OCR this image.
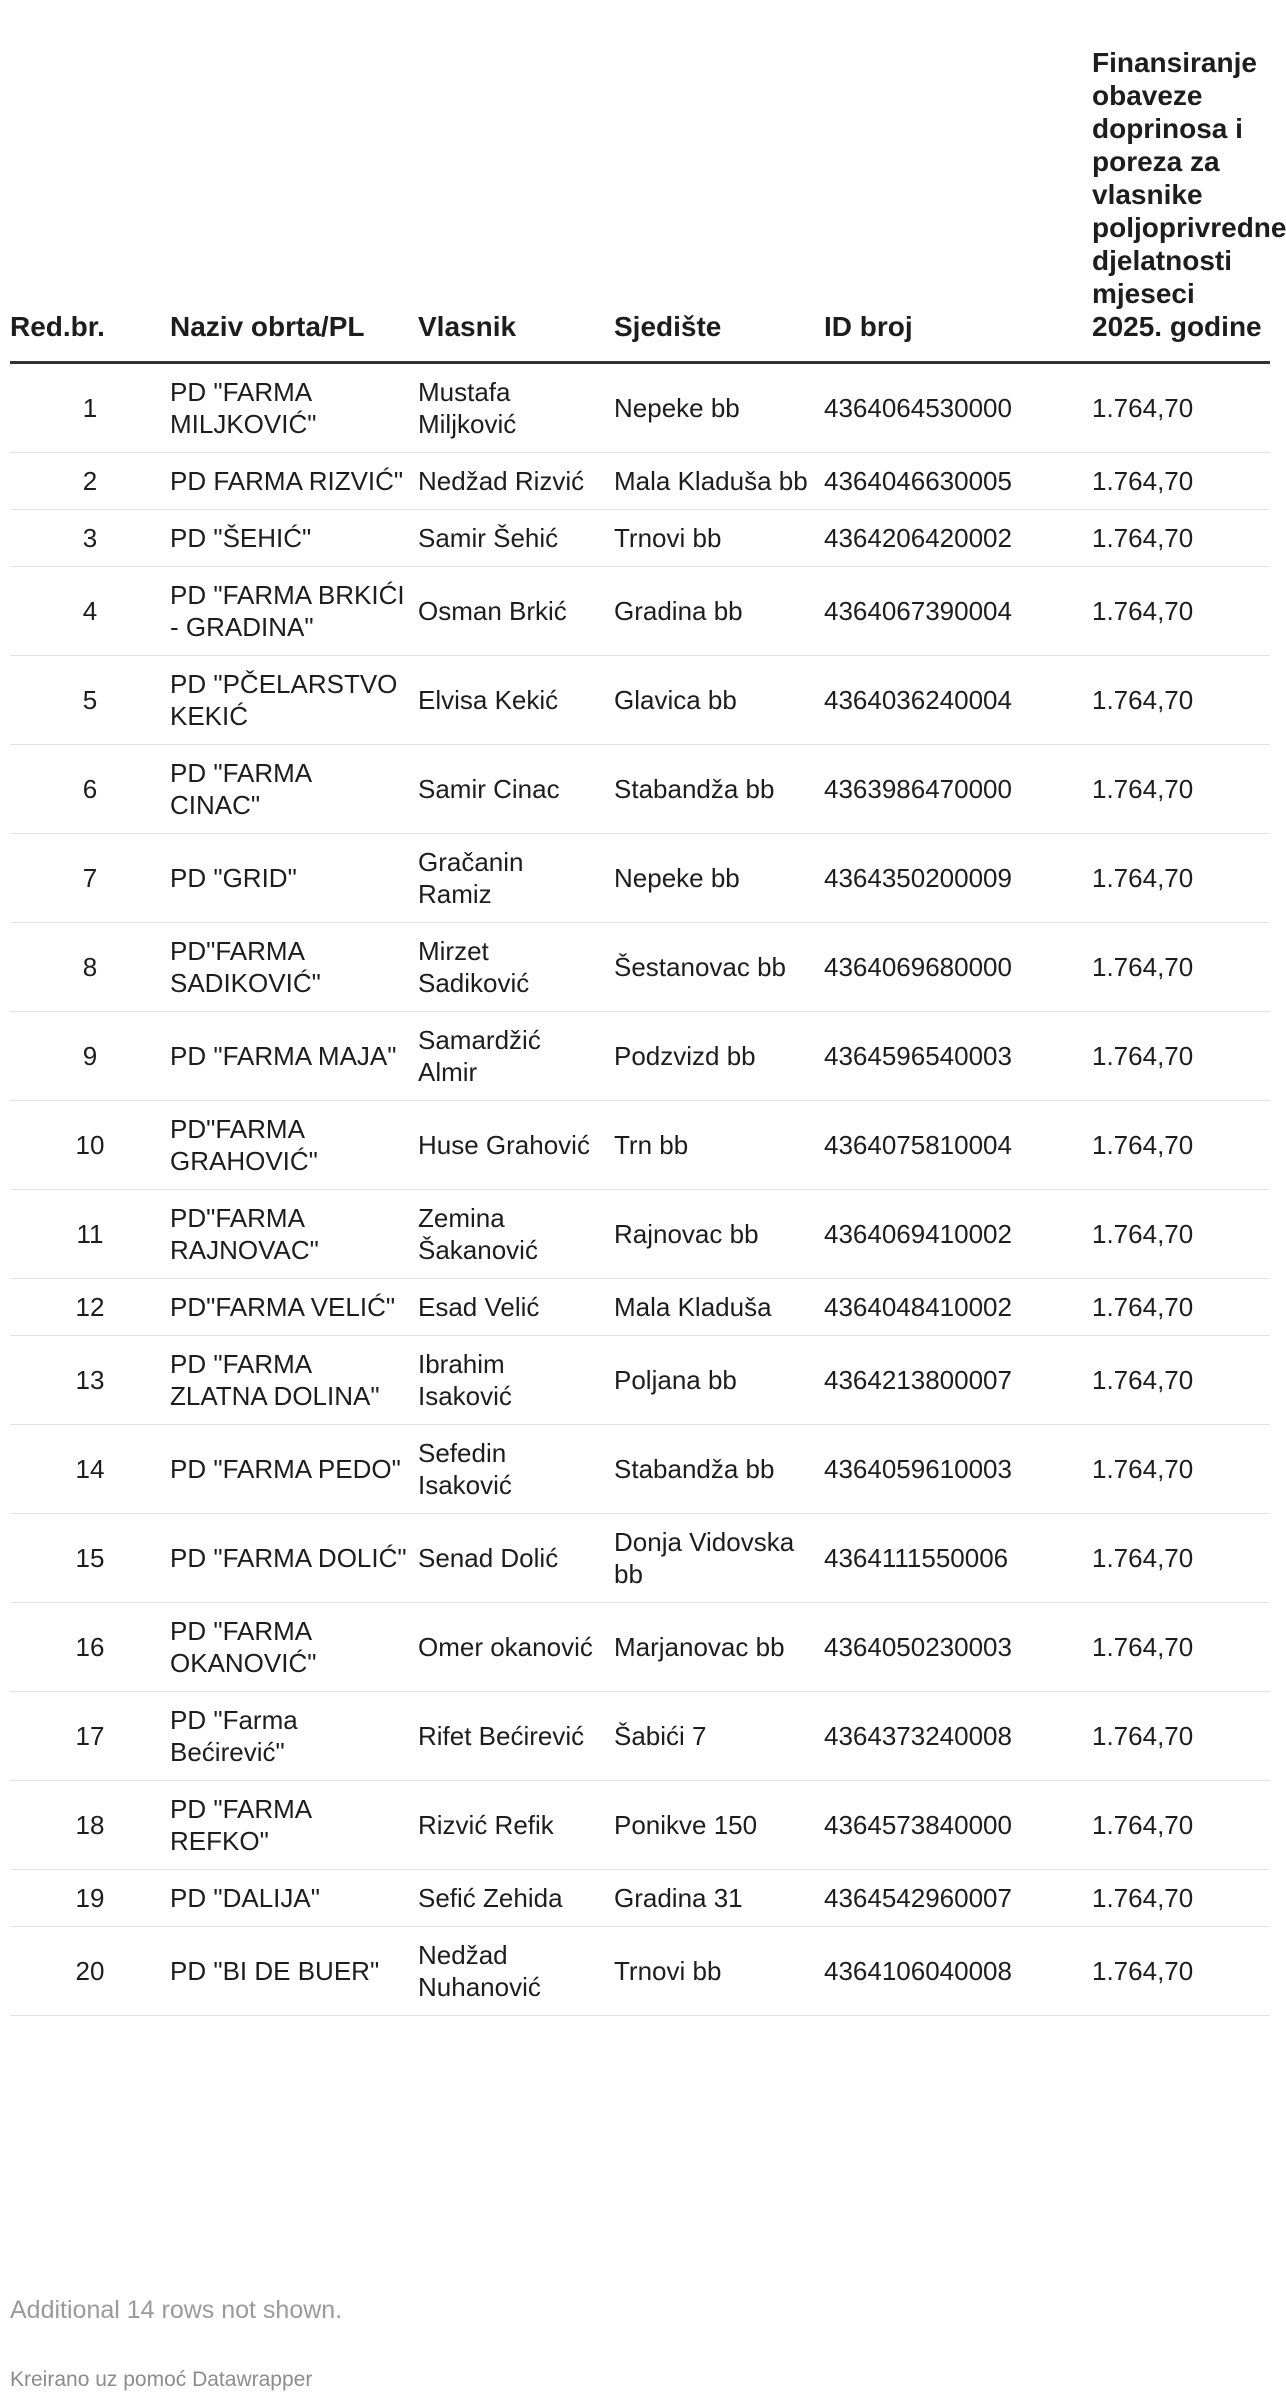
Red.br.	Naziv obrta/PL	Vlasnik	Sjedište	ID broj	Finansiranje obaveze doprinosa i poreza za vlasnike poljoprivredne djelatnosti mjeseci 2025. godine
1	PD "FARMA MILJKOVIĆ"	Mustafa Miljković	Nepeke bb	4364064530000	1.764,70
2	PD FARMA RIZVIĆ"	Nedžad Rizvić	Mala Kladuša bb	4364046630005	1.764,70
3	PD "ŠEHIĆ"	Samir Šehić	Trnovi bb	4364206420002	1.764,70
4	PD "FARMA BRKIĆI - GRADINA"	Osman Brkić	Gradina bb	4364067390004	1.764,70
5	PD "PČELARSTVO KEKIĆ	Elvisa Kekić	Glavica bb	4364036240004	1.764,70
6	PD "FARMA CINAC"	Samir Cinac	Stabandža bb	4363986470000	1.764,70
7	PD "GRID"	Gračanin Ramiz	Nepeke bb	4364350200009	1.764,70
8	PD"FARMA SADIKOVIĆ"	Mirzet Sadiković	Šestanovac bb	4364069680000	1.764,70
9	PD "FARMA MAJA"	Samardžić Almir	Podzvizd bb	4364596540003	1.764,70
10	PD"FARMA GRAHOVIĆ"	Huse Grahović	Trn bb	4364075810004	1.764,70
11	PD"FARMA RAJNOVAC"	Zemina Šakanović	Rajnovac bb	4364069410002	1.764,70
12	PD"FARMA VELIĆ"	Esad Velić	Mala Kladuša	4364048410002	1.764,70
13	PD "FARMA ZLATNA DOLINA"	Ibrahim Isaković	Poljana bb	4364213800007	1.764,70
14	PD "FARMA PEDO"	Sefedin Isaković	Stabandža bb	4364059610003	1.764,70
15	PD "FARMA DOLIĆ"	Senad Dolić	Donja Vidovska bb	4364111550006	1.764,70
16	PD "FARMA OKANOVIĆ"	Omer okanović	Marjanovac bb	4364050230003	1.764,70
17	PD "Farma Bećirević"	Rifet Bećirević	Šabići 7	4364373240008	1.764,70
18	PD "FARMA REFKO"	Rizvić Refik	Ponikve 150	4364573840000	1.764,70
19	PD "DALIJA"	Sefić Zehida	Gradina 31	4364542960007	1.764,70
20	PD "BI DE BUER"	Nedžad Nuhanović	Trnovi bb	4364106040008	1.764,70
Additional 14 rows not shown.
Kreirano uz pomoć Datawrapper
